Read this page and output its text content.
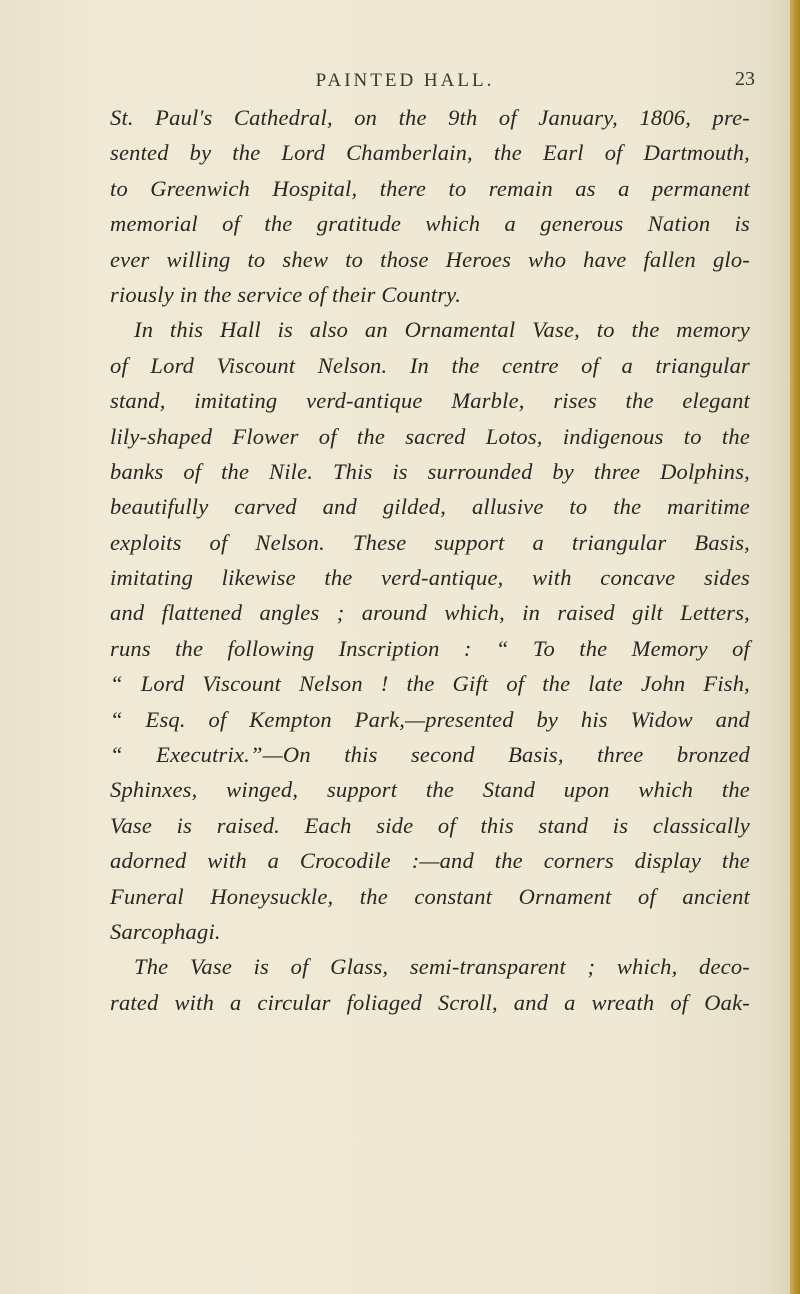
PAINTED HALL.	23
St. Paul's Cathedral, on the 9th of January, 1806, pre-
sented by the Lord Chamberlain, the Earl of Dartmouth,
to Greenwich Hospital, there to remain as a permanent
memorial of the gratitude which a generous Nation is
ever willing to shew to those Heroes who have fallen glo-
riously in the service of their Country.
In this Hall is also an Ornamental Vase, to the memory
of Lord Viscount Nelson. In the centre of a triangular
stand, imitating verd-antique Marble, rises the elegant
lily-shaped Flower of the sacred Lotos, indigenous to the
banks of the Nile. This is surrounded by three Dolphins,
beautifully carved and gilded, allusive to the maritime
exploits of Nelson. These support a triangular Basis,
imitating likewise the verd-antique, with concave sides
and flattened angles ; around which, in raised gilt Letters,
runs the following Inscription : “ To the Memory of
“ Lord Viscount Nelson ! the Gift of the late John Fish,
“ Esq. of Kempton Park,—presented by his Widow and
“ Executrix.”—On this second Basis, three bronzed
Sphinxes, winged, support the Stand upon which the
Vase is raised. Each side of this stand is classically
adorned with a Crocodile :—and the corners display the
Funeral Honeysuckle, the constant Ornament of ancient
Sarcophagi.
The Vase is of Glass, semi-transparent ; which, deco-
rated with a circular foliaged Scroll, and a wreath of Oak-
